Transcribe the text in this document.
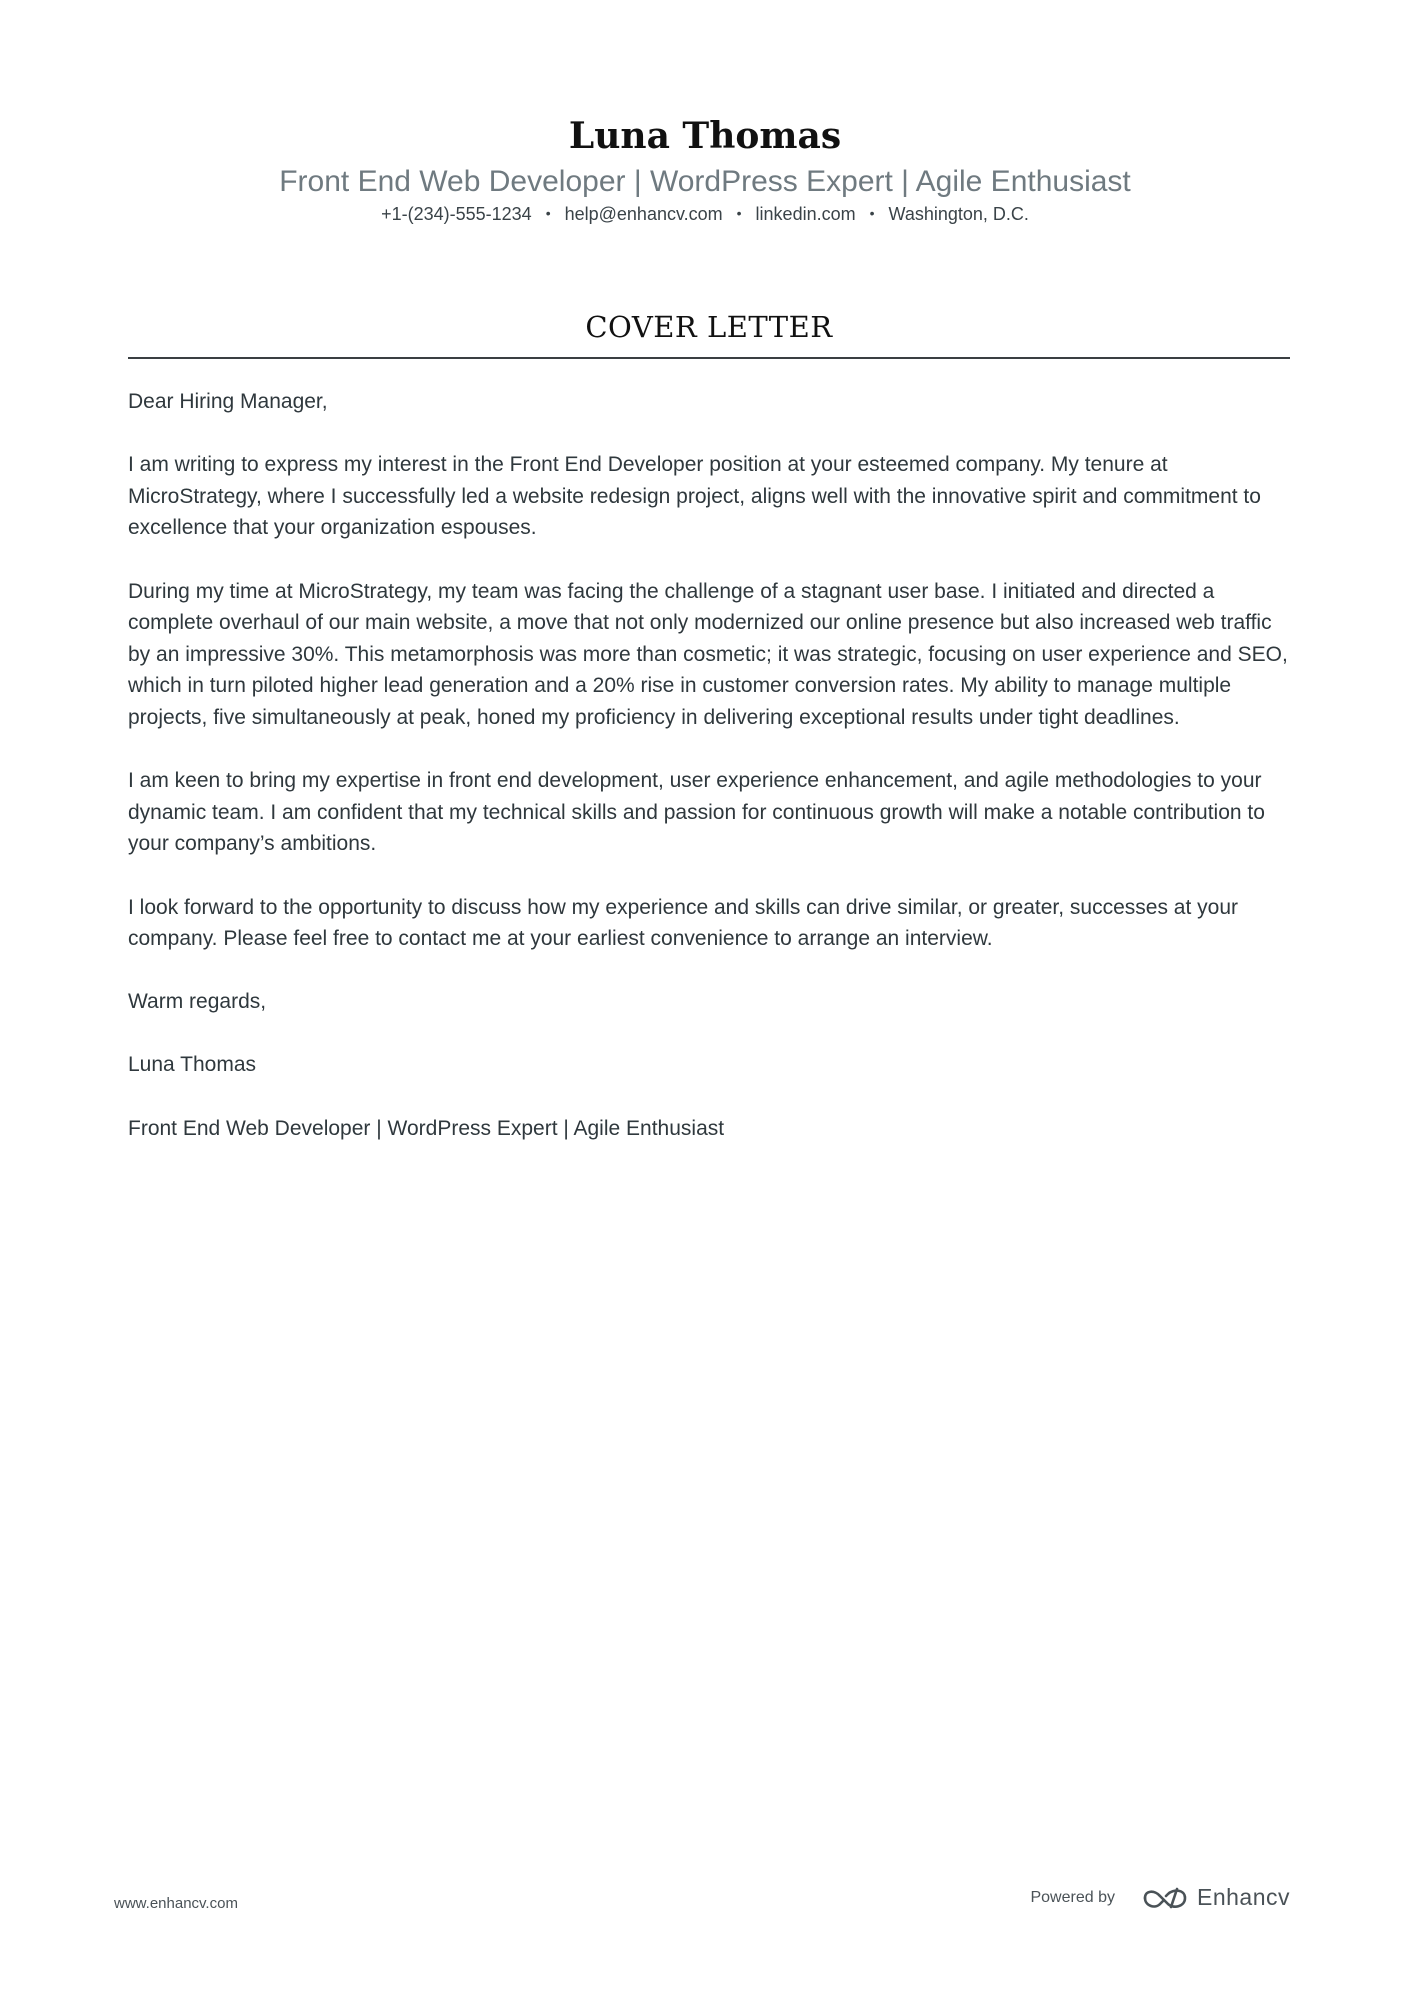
Luna Thomas
Front End Web Developer | WordPress Expert | Agile Enthusiast
+1-(234)-555-1234 • help@enhancv.com • linkedin.com • Washington, D.C.
COVER LETTER

Dear Hiring Manager,

I am writing to express my interest in the Front End Developer position at your esteemed company. My tenure at MicroStrategy, where I successfully led a website redesign project, aligns well with the innovative spirit and commitment to excellence that your organization espouses.

During my time at MicroStrategy, my team was facing the challenge of a stagnant user base. I initiated and directed a complete overhaul of our main website, a move that not only modernized our online presence but also increased web traffic by an impressive 30%. This metamorphosis was more than cosmetic; it was strategic, focusing on user experience and SEO, which in turn piloted higher lead generation and a 20% rise in customer conversion rates. My ability to manage multiple projects, five simultaneously at peak, honed my proficiency in delivering exceptional results under tight deadlines.

I am keen to bring my expertise in front end development, user experience enhancement, and agile methodologies to your dynamic team. I am confident that my technical skills and passion for continuous growth will make a notable contribution to your company’s ambitions.

I look forward to the opportunity to discuss how my experience and skills can drive similar, or greater, successes at your company. Please feel free to contact me at your earliest convenience to arrange an interview.

Warm regards,

Luna Thomas

Front End Web Developer | WordPress Expert | Agile Enthusiast

www.enhancv.com	Powered by	Enhancv
